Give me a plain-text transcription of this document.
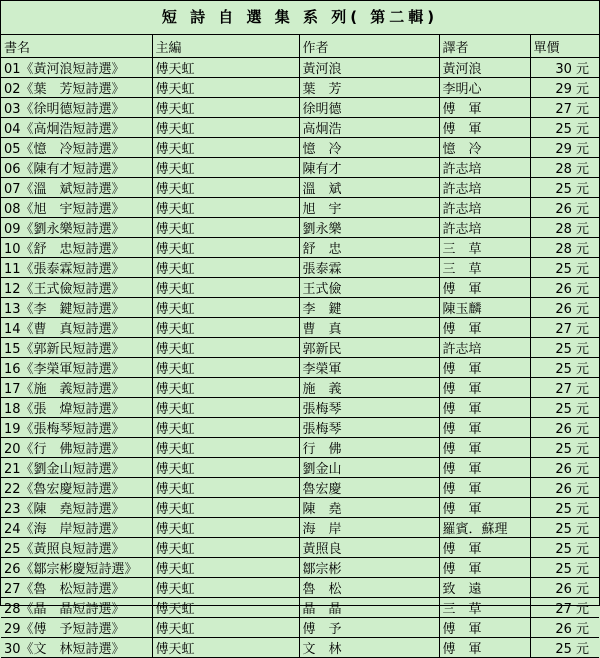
短 詩 自 選 集 系 列( 第二輯)
書名	主編	作者	譯者	單價
01《黃河浪短詩選》	傅天虹	黃河浪	黃河浪	30 元
02《葉　芳短詩選》	傅天虹	葉　芳	李明心	29 元
03《徐明德短詩選》	傅天虹	徐明德	傅　軍	27 元
04《高炯浩短詩選》	傅天虹	高炯浩	傅　軍	25 元
05《憶　冷短詩選》	傅天虹	憶　冷	憶　冷	29 元
06《陳有才短詩選》	傅天虹	陳有才	許志培	28 元
07《溫　斌短詩選》	傅天虹	溫　斌	許志培	25 元
08《旭　宇短詩選》	傅天虹	旭　宇	許志培	26 元
09《劉永樂短詩選》	傅天虹	劉永樂	許志培	28 元
10《舒　忠短詩選》	傅天虹	舒　忠	三　草	28 元
11《張泰霖短詩選》	傅天虹	張泰霖	三　草	25 元
12《王式儉短詩選》	傅天虹	王式儉	傅　軍	26 元
13《李　鍵短詩選》	傅天虹	李　鍵	陳玉麟	26 元
14《曹　真短詩選》	傅天虹	曹　真	傅　軍	27 元
15《郭新民短詩選》	傅天虹	郭新民	許志培	25 元
16《李榮軍短詩選》	傅天虹	李榮軍	傅　軍	25 元
17《施　義短詩選》	傅天虹	施　義	傅　軍	27 元
18《張　煒短詩選》	傅天虹	張梅琴	傅　軍	25 元
19《張梅琴短詩選》	傅天虹	張梅琴	傅　軍	26 元
20《行　佛短詩選》	傅天虹	行　佛	傅　軍	25 元
21《劉金山短詩選》	傅天虹	劉金山	傅　軍	26 元
22《魯宏慶短詩選》	傅天虹	魯宏慶	傅　軍	26 元
23《陳　堯短詩選》	傅天虹	陳　堯	傅　軍	25 元
24《海　岸短詩選》	傅天虹	海　岸	羅賓．蘇理	25 元
25《黃照良短詩選》	傅天虹	黃照良	傅　軍	25 元
26《鄒宗彬慶短詩選》	傅天虹	鄒宗彬	傅　軍	25 元
27《魯　松短詩選》	傅天虹	魯　松	致　遠	26 元
28《晶　晶短詩選》	傅天虹	晶　晶	三　草	27 元
29《傅　予短詩選》	傅天虹	傅　予	傅　軍	26 元
30《文　林短詩選》	傅天虹	文　林	傅　軍	25 元
